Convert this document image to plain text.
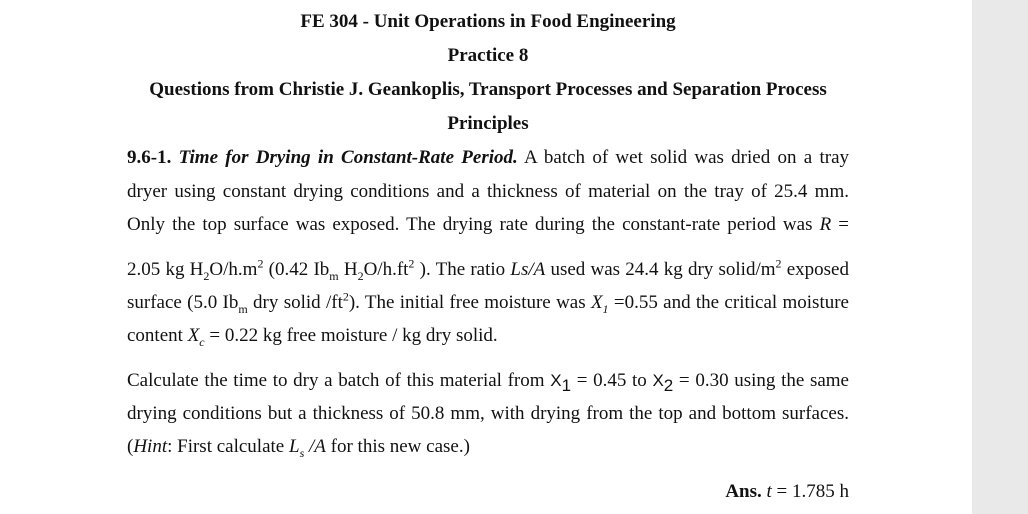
FE 304 - Unit Operations in Food Engineering
Practice 8
Questions from Christie J. Geankoplis, Transport Processes and Separation Process
Principles
9.6-1. Time for Drying in Constant-Rate Period. A batch of wet solid was dried on a tray
dryer using constant drying conditions and a thickness of material on the tray of 25.4 mm.
Only the top surface was exposed. The drying rate during the constant-rate period was R =
2.05 kg $H_2O/h.m^2$ (0.42 $Ib_m$ $H_2O/h.ft^2$ ). The ratio Ls/A used was 24.4 kg dry solid/$m^2$ exposed
surface (5.0 $Ib_m$ dry solid $/ft^2$). The initial free moisture was $X_1 =0.55$ and the critical moisture
content $X_c = 0.22$ kg free moisture / kg dry solid.
Calculate the time to dry a batch of this material from $X_1 = 0.45$ to $X_2 = 0.30$ using the same
drying conditions but a thickness of 50.8 mm, with drying from the top and bottom surfaces.
(Hint: First calculate $L_s$ /A for this new case.)
Ans. t = 1.785 h
